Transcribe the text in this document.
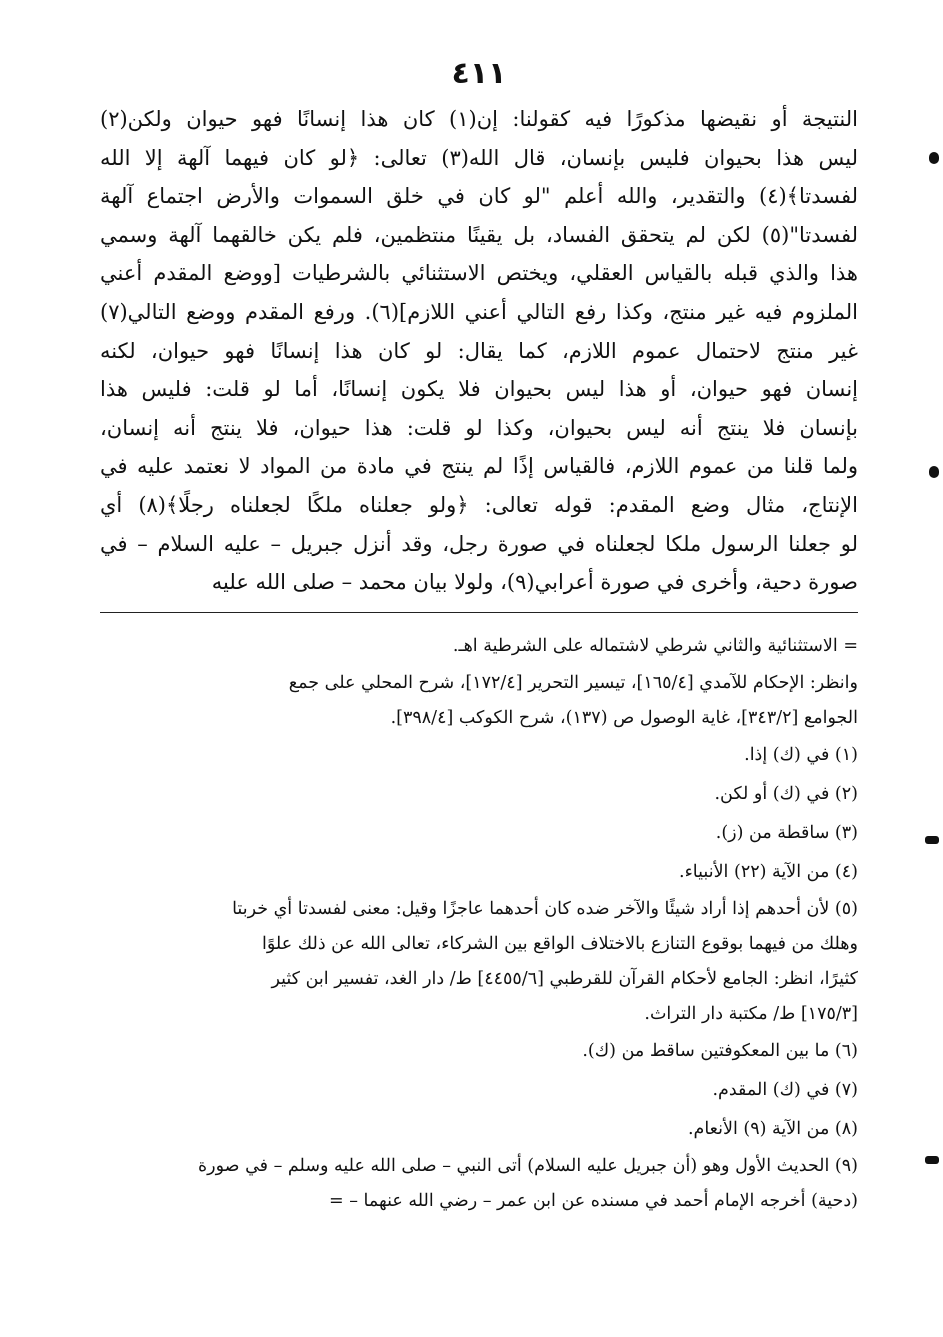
٤١١
النتيجة أو نقيضها مذكورًا فيه كقولنا: إن(١) كان هذا إنسانًا فهو حيوان ولكن(٢)
ليس هذا بحيوان فليس بإنسان، قال الله(٣) تعالى: ﴿لو كان فيهما آلهة إلا الله
لفسدتا﴾(٤) والتقدير، والله أعلم "لو كان في خلق السموات والأرض اجتماع آلهة
لفسدتا"(٥) لكن لم يتحقق الفساد، بل يقينًا منتظمين، فلم يكن خالقهما آلهة وسمي
هذا والذي قبله بالقياس العقلي، ويختص الاستثنائي بالشرطيات [ووضع المقدم أعني
الملزوم فيه غير منتج، وكذا رفع التالي أعني اللازم](٦). ورفع المقدم ووضع التالي(٧)
غير منتج لاحتمال عموم اللازم، كما يقال: لو كان هذا إنسانًا فهو حيوان، لكنه
إنسان فهو حيوان، أو هذا ليس بحيوان فلا يكون إنسانًا، أما لو قلت: فليس هذا
بإنسان فلا ينتج أنه ليس بحيوان، وكذا لو قلت: هذا حيوان، فلا ينتج أنه إنسان،
ولما قلنا من عموم اللازم، فالقياس إذًا لم ينتج في مادة من المواد لا نعتمد عليه في
الإنتاج، مثال وضع المقدم: قوله تعالى: ﴿ولو جعلناه ملكًا لجعلناه رجلًا﴾(٨) أي
لو جعلنا الرسول ملكا لجعلناه في صورة رجل، وقد أنزل جبريل – عليه السلام – في
صورة دحية، وأخرى في صورة أعرابي(٩)، ولولا بيان محمد – صلى الله عليه
= الاستثنائية والثاني شرطي لاشتماله على الشرطية اهـ.
وانظر: الإحكام للآمدي [١٦٥/٤]، تيسير التحرير [١٧٢/٤]، شرح المحلي على جمع
الجوامع [٣٤٣/٢]، غاية الوصول ص (١٣٧)، شرح الكوكب [٣٩٨/٤].
(١) في (ك) إذا.
(٢) في (ك) أو لكن.
(٣) ساقطة من (ز).
(٤) من الآية (٢٢) الأنبياء.
(٥) لأن أحدهم إذا أراد شيئًا والآخر ضده كان أحدهما عاجزًا وقيل: معنى لفسدتا أي خربتا
وهلك من فيهما بوقوع التنازع بالاختلاف الواقع بين الشركاء، تعالى الله عن ذلك علوًا
كثيرًا، انظر: الجامع لأحكام القرآن للقرطبي [٤٤٥٥/٦] ط/ دار الغد، تفسير ابن كثير
[١٧٥/٣] ط/ مكتبة دار التراث.
(٦) ما بين المعكوفتين ساقط من (ك).
(٧) في (ك) المقدم.
(٨) من الآية (٩) الأنعام.
(٩) الحديث الأول وهو (أن جبريل عليه السلام) أتى النبي – صلى الله عليه وسلم – في صورة
(دحية) أخرجه الإمام أحمد في مسنده عن ابن عمر – رضي الله عنهما – =
